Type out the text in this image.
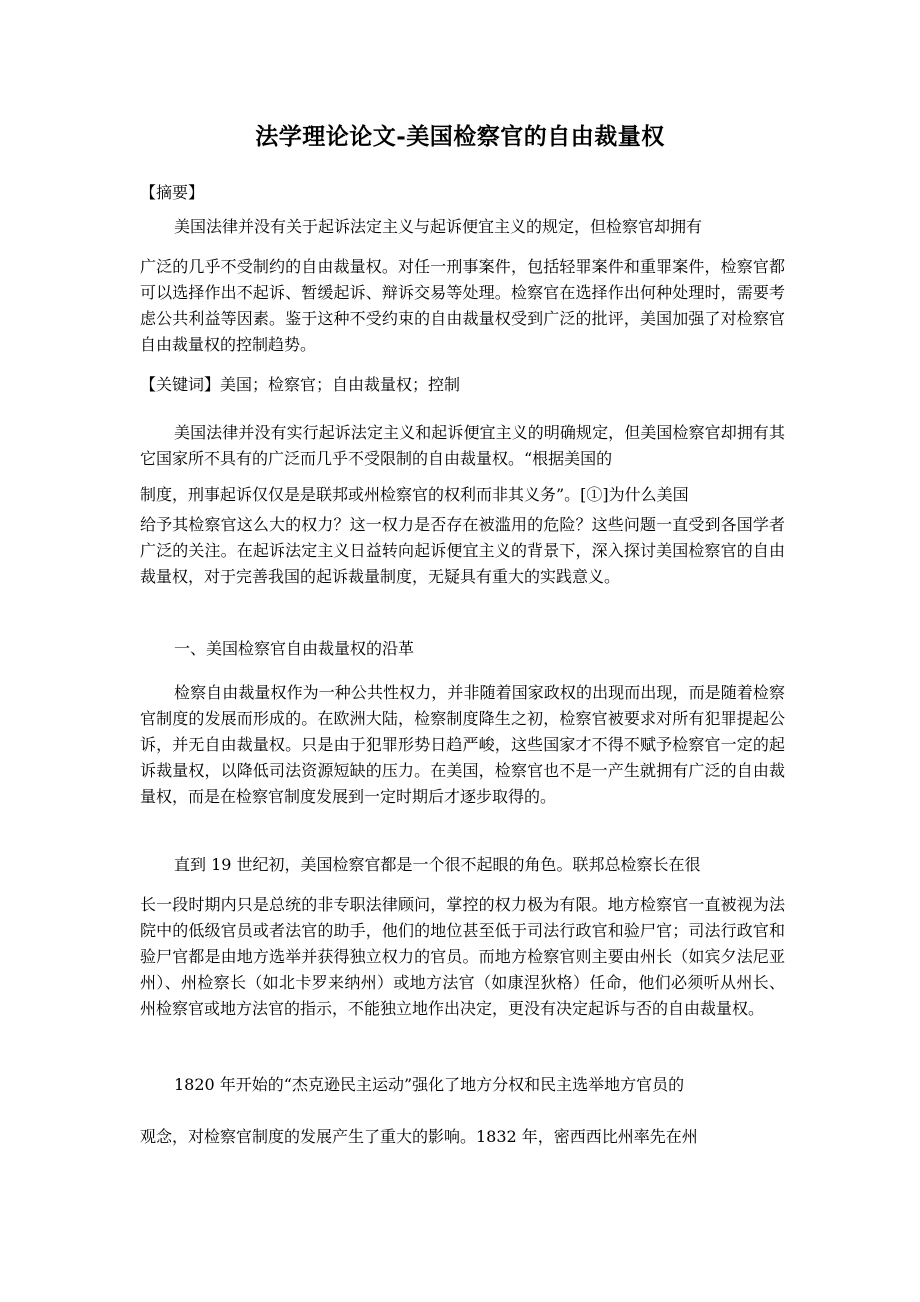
法学理论论文-美国检察官的自由裁量权
【摘要】

美国法律并没有关于起诉法定主义与起诉便宜主义的规定，但检察官却拥有

广泛的几乎不受制约的自由裁量权。对任一刑事案件，包括轻罪案件和重罪案件，检察官都可以选择作出不起诉、暂缓起诉、辩诉交易等处理。检察官在选择作出何种处理时，需要考虑公共利益等因素。鉴于这种不受约束的自由裁量权受到广泛的批评，美国加强了对检察官自由裁量权的控制趋势。

【关键词】美国；检察官；自由裁量权；控制

美国法律并没有实行起诉法定主义和起诉便宜主义的明确规定，但美国检察官却拥有其它国家所不具有的广泛而几乎不受限制的自由裁量权。“根据美国的

制度，刑事起诉仅仅是是联邦或州检察官的权利而非其义务”。[①]为什么美国

给予其检察官这么大的权力？这一权力是否存在被滥用的危险？这些问题一直受到各国学者广泛的关注。在起诉法定主义日益转向起诉便宜主义的背景下，深入探讨美国检察官的自由裁量权，对于完善我国的起诉裁量制度，无疑具有重大的实践意义。

一、美国检察官自由裁量权的沿革

检察自由裁量权作为一种公共性权力，并非随着国家政权的出现而出现，而是随着检察官制度的发展而形成的。在欧洲大陆，检察制度降生之初，检察官被要求对所有犯罪提起公诉，并无自由裁量权。只是由于犯罪形势日趋严峻，这些国家才不得不赋予检察官一定的起诉裁量权，以降低司法资源短缺的压力。在美国，检察官也不是一产生就拥有广泛的自由裁量权，而是在检察官制度发展到一定时期后才逐步取得的。

直到 19 世纪初，美国检察官都是一个很不起眼的角色。联邦总检察长在很

长一段时期内只是总统的非专职法律顾问，掌控的权力极为有限。地方检察官一直被视为法院中的低级官员或者法官的助手，他们的地位甚至低于司法行政官和验尸官；司法行政官和验尸官都是由地方选举并获得独立权力的官员。而地方检察官则主要由州长（如宾夕法尼亚州）、州检察长（如北卡罗来纳州）或地方法官（如康涅狄格）任命，他们必须听从州长、州检察官或地方法官的指示，不能独立地作出决定，更没有决定起诉与否的自由裁量权。

1820 年开始的“杰克逊民主运动”强化了地方分权和民主选举地方官员的

观念，对检察官制度的发展产生了重大的影响。1832 年，密西西比州率先在州
